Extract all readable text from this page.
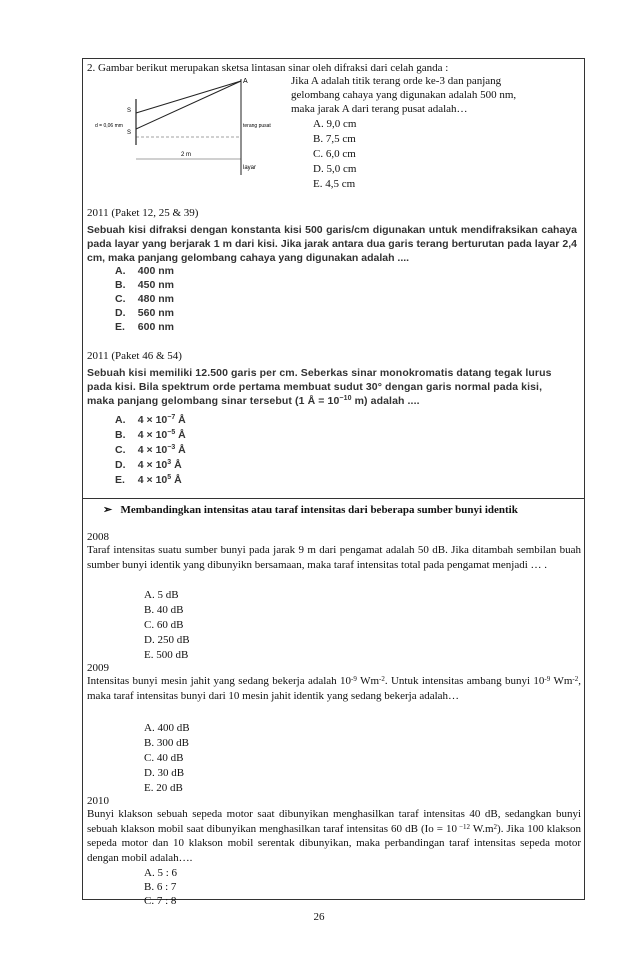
2. Gambar berikut merupakan sketsa lintasan sinar oleh difraksi dari celah ganda :
A
S
S
d = 0,06 mm	terang pusat
2 m
layar
Jika A adalah titik terang orde ke-3 dan panjang
gelombang cahaya yang digunakan adalah 500 nm,
maka jarak A dari terang pusat adalah…
A. 9,0 cm
B. 7,5 cm
C. 6,0 cm
D. 5,0 cm
E. 4,5 cm
2011 (Paket 12, 25 & 39)
Sebuah kisi difraksi dengan konstanta kisi 500 garis/cm digunakan untuk mendifraksikan cahaya pada layar yang berjarak 1 m dari kisi. Jika jarak antara dua garis terang berturutan pada layar 2,4 cm, maka panjang gelombang cahaya yang digunakan adalah ....
A. 400 nm
B. 450 nm
C. 480 nm
D. 560 nm
E. 600 nm
2011 (Paket 46 & 54)
Sebuah kisi memiliki 12.500 garis per cm. Seberkas sinar monokromatis datang tegak lurus
pada kisi. Bila spektrum orde pertama membuat sudut 30° dengan garis normal pada kisi,
maka panjang gelombang sinar tersebut (1 Å = $10^{-10}$ m) adalah ....
A. $4 \times 10^{-7}$ Å
B. $4 \times 10^{-5}$ Å
C. $4 \times 10^{-3}$ Å
D. $4 \times 10^3$ Å
E. $4 \times 10^5$ Å
➢ Membandingkan intensitas atau taraf intensitas dari beberapa sumber bunyi identik
2008
Taraf intensitas suatu sumber bunyi pada jarak 9 m dari pengamat adalah 50 dB. Jika ditambah sembilan buah sumber bunyi identik yang dibunyikn bersamaan, maka taraf intensitas total pada pengamat menjadi … .
A. 5 dB
B. 40 dB
C. 60 dB
D. 250 dB
E. 500 dB
2009
Intensitas bunyi mesin jahit yang sedang bekerja adalah $10^{-9}$ $Wm^{-2}$. Untuk intensitas ambang bunyi $10^{-9}$ $Wm^{-2}$, maka taraf intensitas bunyi dari 10 mesin jahit identik yang sedang bekerja adalah…
A. 400 dB
B. 300 dB
C. 40 dB
D. 30 dB
E. 20 dB
2010
Bunyi klakson sebuah sepeda motor saat dibunyikan menghasilkan taraf intensitas 40 dB, sedangkan bunyi sebuah klakson mobil saat dibunyikan menghasilkan taraf intensitas 60 dB (Io = 10 $^{-12}$ $W.m^2$). Jika 100 klakson sepeda motor dan 10 klakson mobil serentak dibunyikan, maka perbandingan taraf intensitas sepeda motor dengan mobil adalah….
A. 5 : 6
B. 6 : 7
C. 7 : 8
26
